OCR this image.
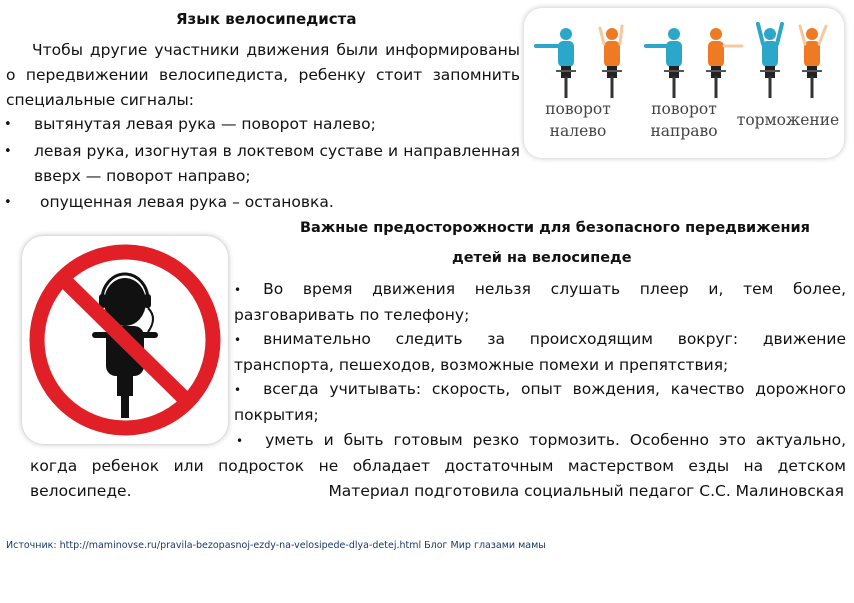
Язык велосипедиста
Чтобы другие участники движения были информированы о передвижении велосипедиста, ребенку стоит запомнить специальные сигналы:
• вытянутая левая рука — поворот налево;
• левая рука, изогнутая в локтевом суставе и направленная вверх — поворот направо;
• опущенная левая рука – остановка.
поворот
налево
поворот
направо
торможение
Важные предосторожности для безопасного передвижения
детей на велосипеде
• Во время движения нельзя слушать плеер и, тем более, разговаривать по телефону;
• внимательно следить за происходящим вокруг: движение транспорта, пешеходов, возможные помехи и препятствия;
• всегда учитывать: скорость, опыт вождения, качество дорожного покрытия;
• уметь и быть готовым резко тормозить. Особенно это актуально, когда ребенок или подросток не обладает достаточным мастерством езды на детском велосипеде.	Материал подготовила социальный педагог С.С. Малиновская
Источник: http://maminovse.ru/pravila-bezopasnoj-ezdy-na-velosipede-dlya-detej.html Блог Мир глазами мамы
